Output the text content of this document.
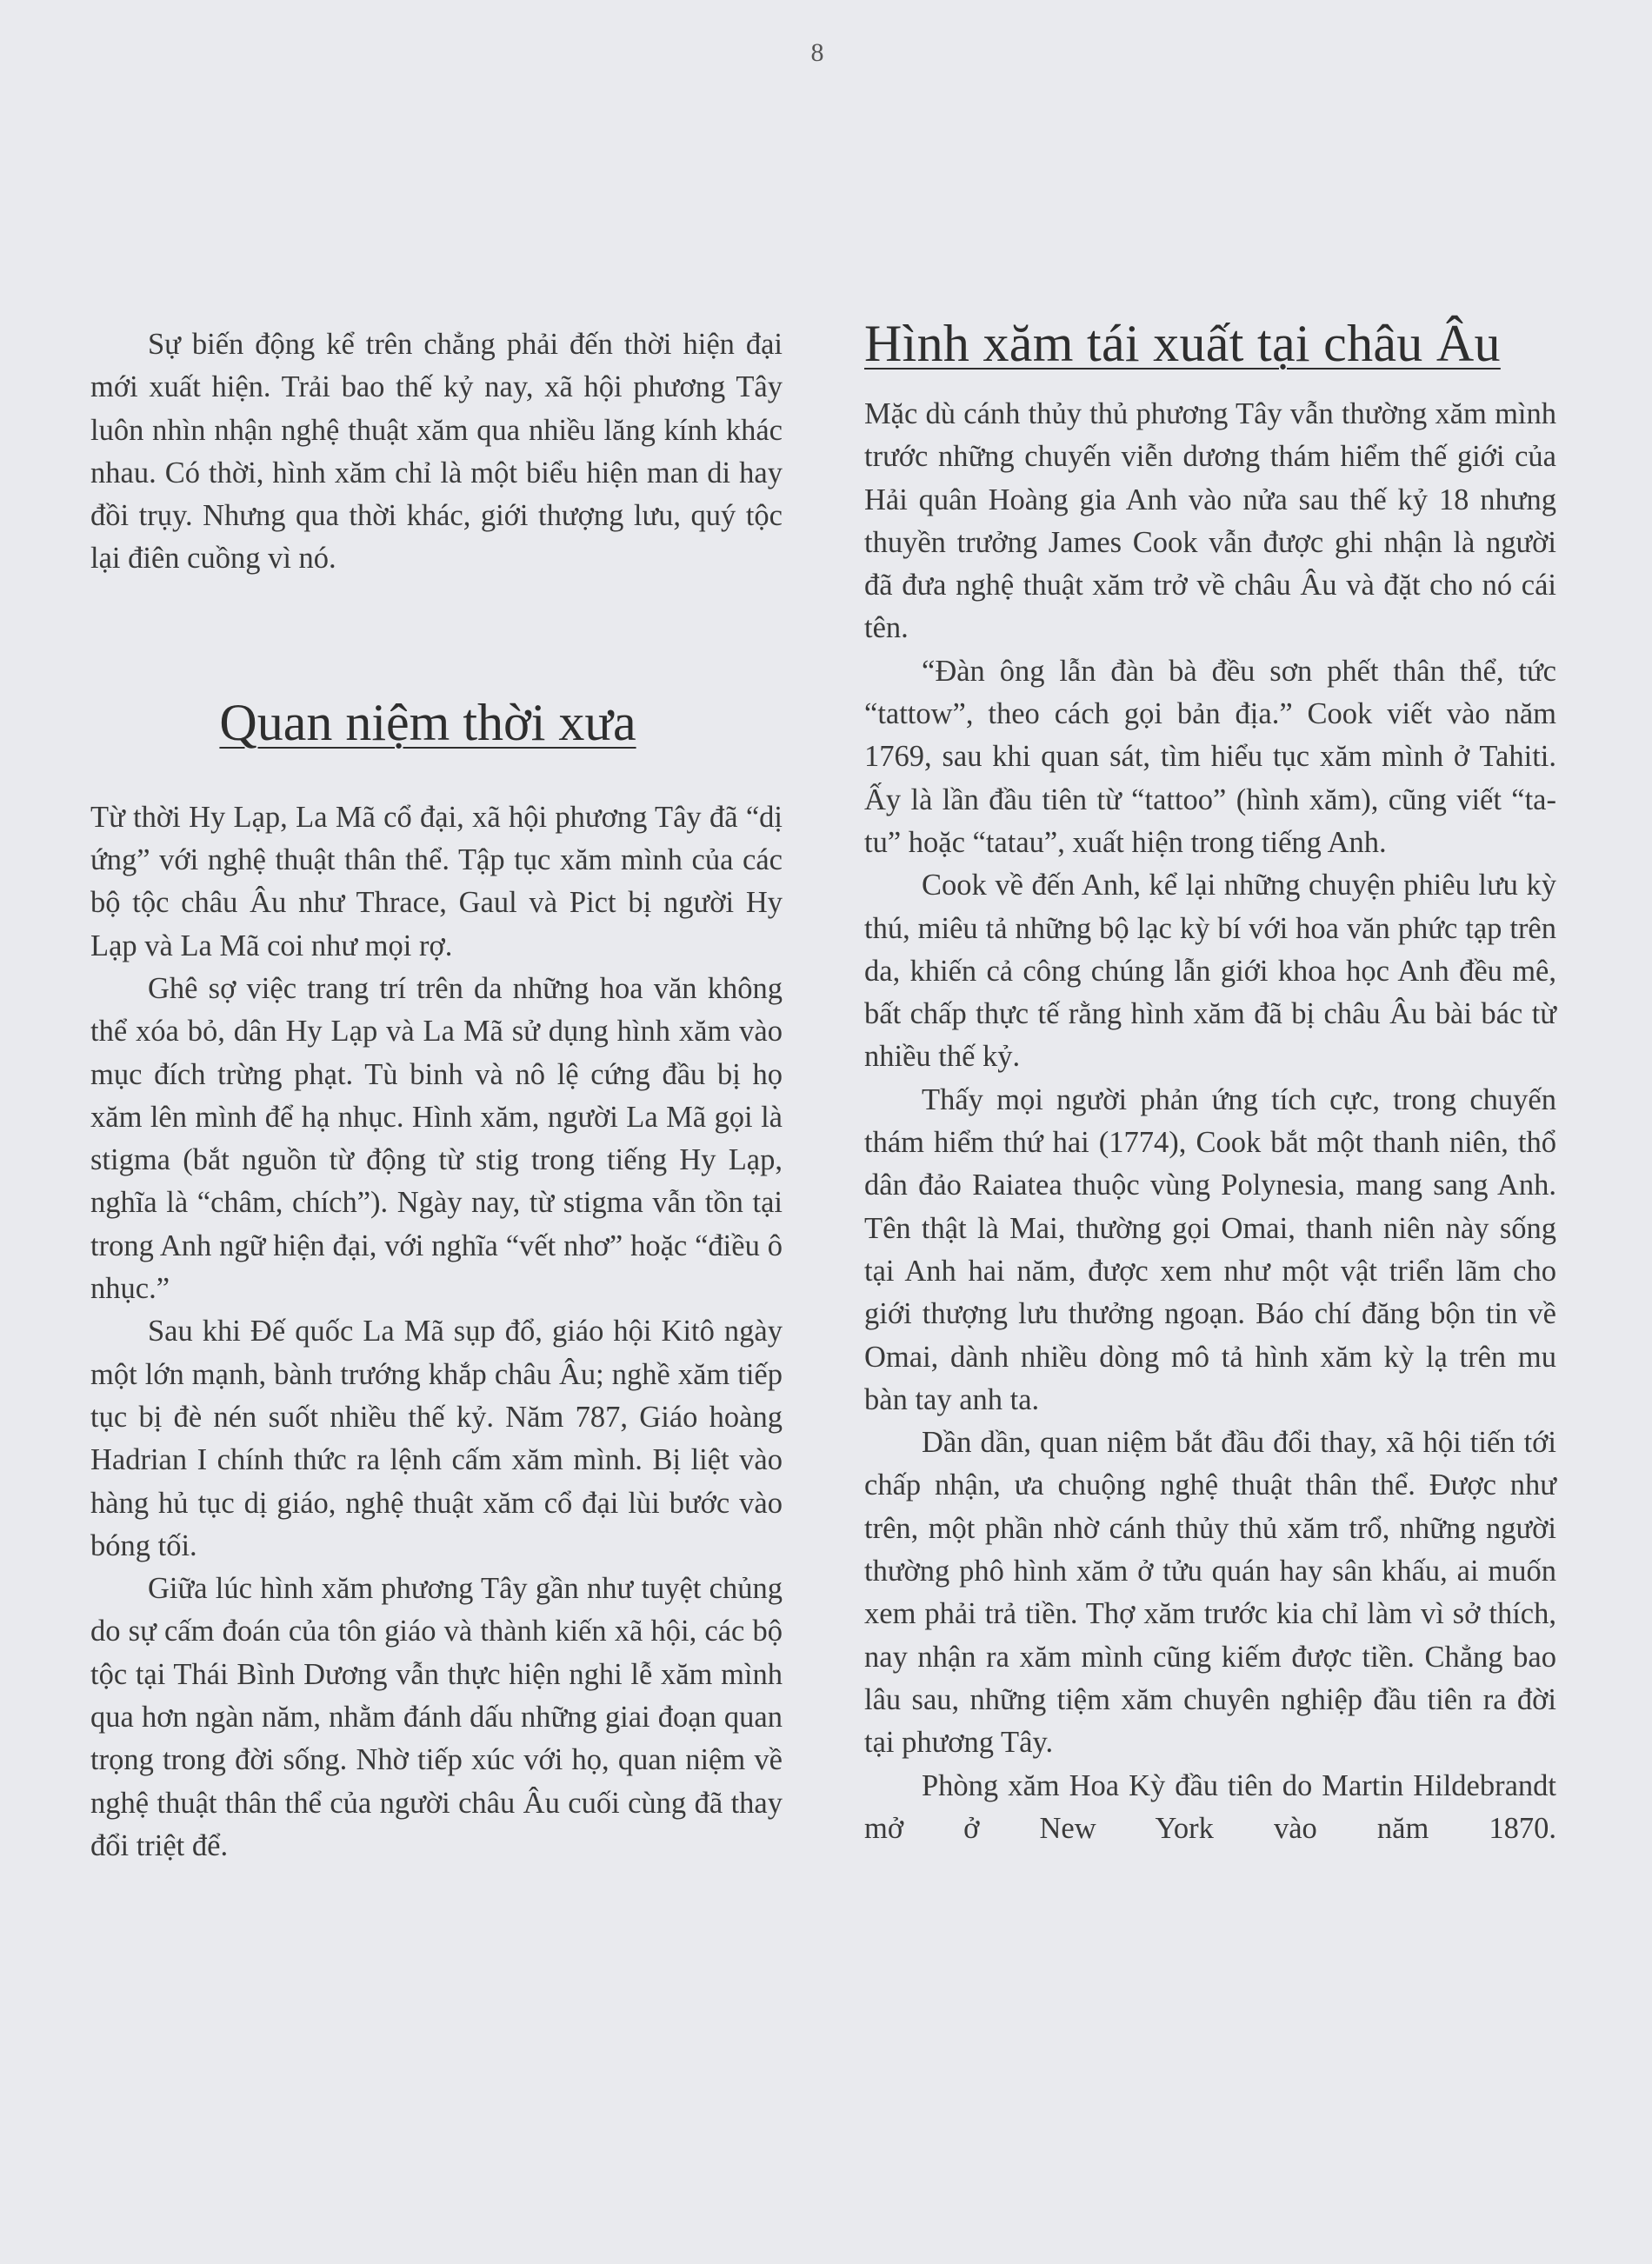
8

Sự biến động kể trên chẳng phải đến thời hiện đại mới xuất hiện. Trải bao thế kỷ nay, xã hội phương Tây luôn nhìn nhận nghệ thuật xăm qua nhiều lăng kính khác nhau. Có thời, hình xăm chỉ là một biểu hiện man di hay đồi trụy. Nhưng qua thời khác, giới thượng lưu, quý tộc lại điên cuồng vì nó.

Quan niệm thời xưa

Từ thời Hy Lạp, La Mã cổ đại, xã hội phương Tây đã “dị ứng” với nghệ thuật thân thể. Tập tục xăm mình của các bộ tộc châu Âu như Thrace, Gaul và Pict bị người Hy Lạp và La Mã coi như mọi rợ.

Ghê sợ việc trang trí trên da những hoa văn không thể xóa bỏ, dân Hy Lạp và La Mã sử dụng hình xăm vào mục đích trừng phạt. Tù binh và nô lệ cứng đầu bị họ xăm lên mình để hạ nhục. Hình xăm, người La Mã gọi là stigma (bắt nguồn từ động từ stig trong tiếng Hy Lạp, nghĩa là “châm, chích”). Ngày nay, từ stigma vẫn tồn tại trong Anh ngữ hiện đại, với nghĩa “vết nhơ” hoặc “điều ô nhục.”

Sau khi Đế quốc La Mã sụp đổ, giáo hội Kitô ngày một lớn mạnh, bành trướng khắp châu Âu; nghề xăm tiếp tục bị đè nén suốt nhiều thế kỷ. Năm 787, Giáo hoàng Hadrian I chính thức ra lệnh cấm xăm mình. Bị liệt vào hàng hủ tục dị giáo, nghệ thuật xăm cổ đại lùi bước vào bóng tối.

Giữa lúc hình xăm phương Tây gần như tuyệt chủng do sự cấm đoán của tôn giáo và thành kiến xã hội, các bộ tộc tại Thái Bình Dương vẫn thực hiện nghi lễ xăm mình qua hơn ngàn năm, nhằm đánh dấu những giai đoạn quan trọng trong đời sống. Nhờ tiếp xúc với họ, quan niệm về nghệ thuật thân thể của người châu Âu cuối cùng đã thay đổi triệt để.

Hình xăm tái xuất tại châu Âu

Mặc dù cánh thủy thủ phương Tây vẫn thường xăm mình trước những chuyến viễn dương thám hiểm thế giới của Hải quân Hoàng gia Anh vào nửa sau thế kỷ 18 nhưng thuyền trưởng James Cook vẫn được ghi nhận là người đã đưa nghệ thuật xăm trở về châu Âu và đặt cho nó cái tên.

“Đàn ông lẫn đàn bà đều sơn phết thân thể, tức “tattow”, theo cách gọi bản địa.” Cook viết vào năm 1769, sau khi quan sát, tìm hiểu tục xăm mình ở Tahiti. Ấy là lần đầu tiên từ “tattoo” (hình xăm), cũng viết “ta-tu” hoặc “tatau”, xuất hiện trong tiếng Anh.

Cook về đến Anh, kể lại những chuyện phiêu lưu kỳ thú, miêu tả những bộ lạc kỳ bí với hoa văn phức tạp trên da, khiến cả công chúng lẫn giới khoa học Anh đều mê, bất chấp thực tế rằng hình xăm đã bị châu Âu bài bác từ nhiều thế kỷ.

Thấy mọi người phản ứng tích cực, trong chuyến thám hiểm thứ hai (1774), Cook bắt một thanh niên, thổ dân đảo Raiatea thuộc vùng Polynesia, mang sang Anh. Tên thật là Mai, thường gọi Omai, thanh niên này sống tại Anh hai năm, được xem như một vật triển lãm cho giới thượng lưu thưởng ngoạn. Báo chí đăng bộn tin về Omai, dành nhiều dòng mô tả hình xăm kỳ lạ trên mu bàn tay anh ta.

Dần dần, quan niệm bắt đầu đổi thay, xã hội tiến tới chấp nhận, ưa chuộng nghệ thuật thân thể. Được như trên, một phần nhờ cánh thủy thủ xăm trổ, những người thường phô hình xăm ở tửu quán hay sân khấu, ai muốn xem phải trả tiền. Thợ xăm trước kia chỉ làm vì sở thích, nay nhận ra xăm mình cũng kiếm được tiền. Chẳng bao lâu sau, những tiệm xăm chuyên nghiệp đầu tiên ra đời tại phương Tây.

Phòng xăm Hoa Kỳ đầu tiên do Martin Hildebrandt mở ở New York vào năm 1870.
